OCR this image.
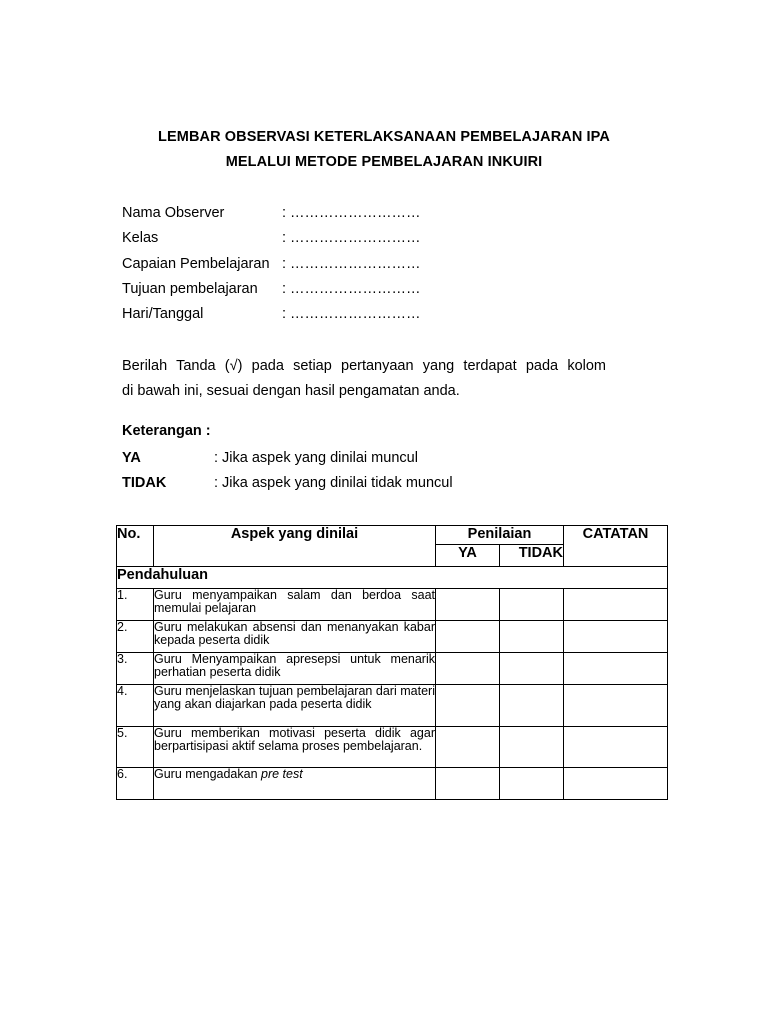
LEMBAR OBSERVASI KETERLAKSANAAN PEMBELAJARAN IPA
MELALUI METODE PEMBELAJARAN INKUIRI
Nama Observer	: ………………………
Kelas	: ………………………
Capaian Pembelajaran : ………………………
Tujuan pembelajaran : ………………………
Hari/Tanggal	: ………………………
Berilah Tanda (√) pada setiap pertanyaan yang terdapat pada kolom
di bawah ini, sesuai dengan hasil pengamatan anda.
Keterangan :
YA	: Jika aspek yang dinilai muncul
TIDAK	: Jika aspek yang dinilai tidak muncul
No.	Aspek yang dinilai	Penilaian		CATATAN
		YA	TIDAK	
Pendahuluan				
1.	Guru menyampaikan salam dan berdoa saat memulai pelajaran			
2.	Guru melakukan absensi dan menanyakan kabar kepada peserta didik			
3.	Guru Menyampaikan apresepsi untuk menarik perhatian peserta didik			
4.	Guru menjelaskan tujuan pembelajaran dari materi yang akan diajarkan pada peserta didik			
5.	Guru memberikan motivasi peserta didik agar berpartisipasi aktif selama proses pembelajaran.			
6.	Guru mengadakan pre test			
